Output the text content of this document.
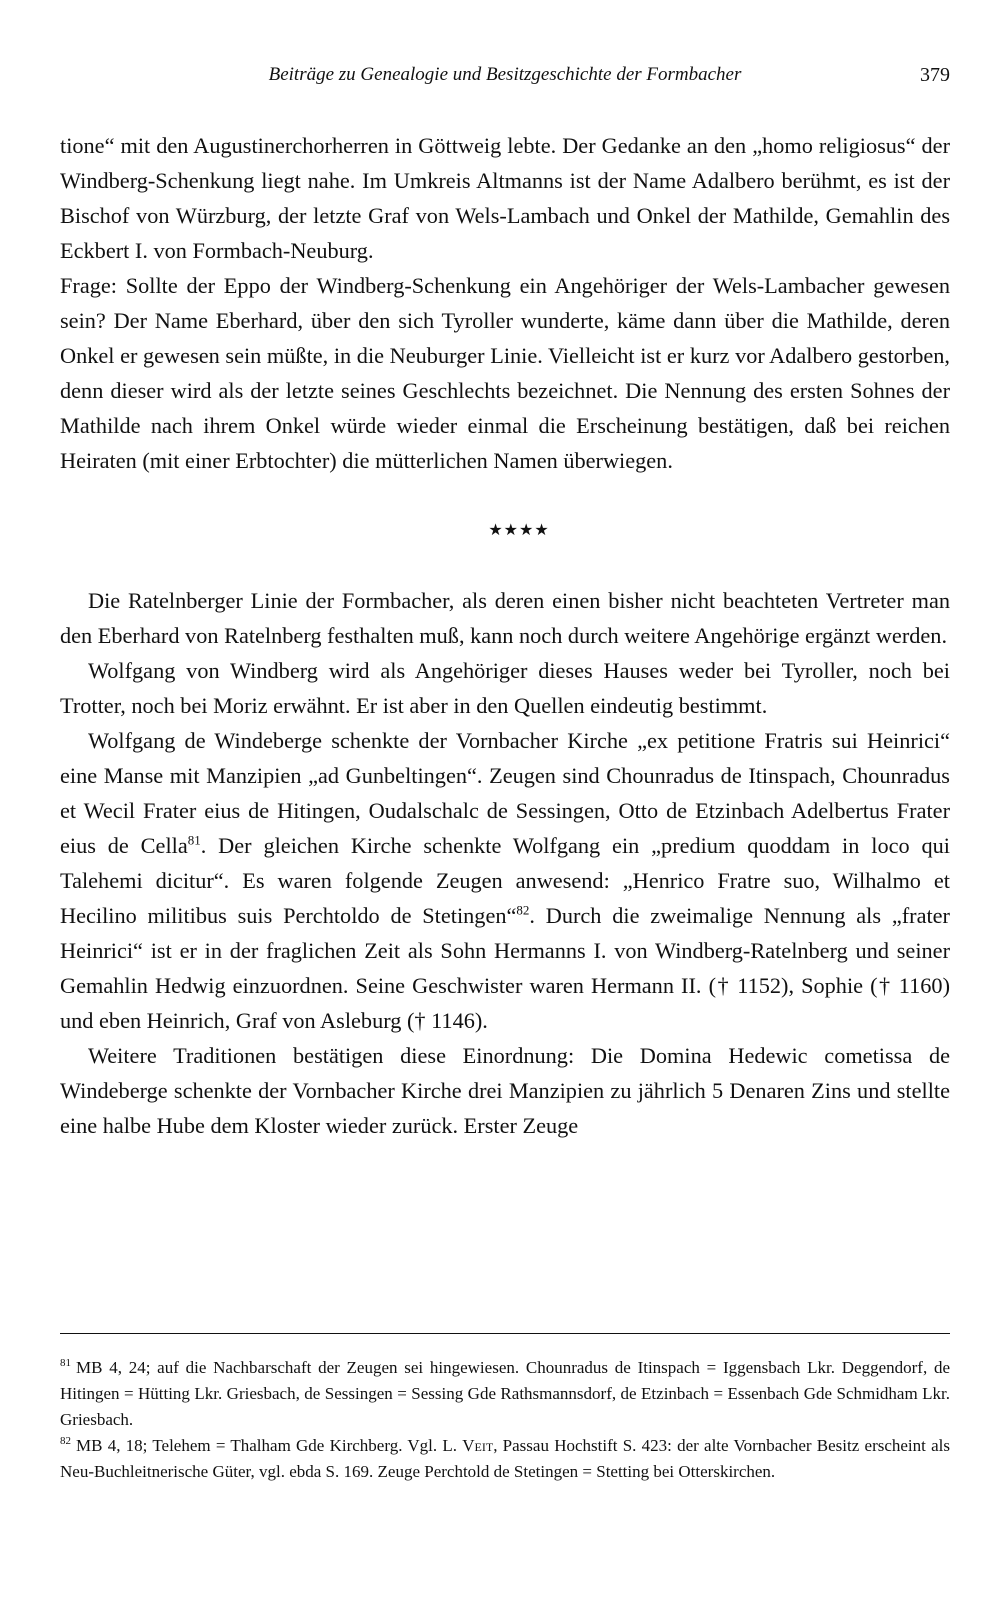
Beiträge zu Genealogie und Besitzgeschichte der Formbacher	379

tione“ mit den Augustinerchorherren in Göttweig lebte. Der Gedanke an den „homo religiosus“ der Windberg-Schenkung liegt nahe. Im Umkreis Altmanns ist der Name Adalbero berühmt, es ist der Bischof von Würzburg, der letzte Graf von Wels-Lambach und Onkel der Mathilde, Gemahlin des Eckbert I. von Formbach-Neuburg.

Frage: Sollte der Eppo der Windberg-Schenkung ein Angehöriger der Wels-Lambacher gewesen sein? Der Name Eberhard, über den sich Tyroller wunderte, käme dann über die Mathilde, deren Onkel er gewesen sein müßte, in die Neuburger Linie. Vielleicht ist er kurz vor Adalbero gestorben, denn dieser wird als der letzte seines Geschlechts bezeichnet. Die Nennung des ersten Sohnes der Mathilde nach ihrem Onkel würde wieder einmal die Erscheinung bestätigen, daß bei reichen Heiraten (mit einer Erbtochter) die mütterlichen Namen überwiegen.

★★★★

Die Ratelnberger Linie der Formbacher, als deren einen bisher nicht beachteten Vertreter man den Eberhard von Ratelnberg festhalten muß, kann noch durch weitere Angehörige ergänzt werden.

Wolfgang von Windberg wird als Angehöriger dieses Hauses weder bei Tyroller, noch bei Trotter, noch bei Moriz erwähnt. Er ist aber in den Quellen eindeutig bestimmt.

Wolfgang de Windeberge schenkte der Vornbacher Kirche „ex petitione Fratris sui Heinrici“ eine Manse mit Manzipien „ad Gunbeltingen“. Zeugen sind Chounradus de Itinspach, Chounradus et Wecil Frater eius de Hitingen, Oudalschalc de Sessingen, Otto de Etzinbach Adelbertus Frater eius de Cella$^{81}$. Der gleichen Kirche schenkte Wolfgang ein „predium quoddam in loco qui Talehemi dicitur“. Es waren folgende Zeugen anwesend: „Henrico Fratre suo, Wilhalmo et Hecilino militibus suis Perchtoldo de Stetingen“$^{82}$. Durch die zweimalige Nennung als „frater Heinrici“ ist er in der fraglichen Zeit als Sohn Hermanns I. von Windberg-Ratelnberg und seiner Gemahlin Hedwig einzuordnen. Seine Geschwister waren Hermann II. († 1152), Sophie († 1160) und eben Heinrich, Graf von Asleburg († 1146).

Weitere Traditionen bestätigen diese Einordnung: Die Domina Hedewic cometissa de Windeberge schenkte der Vornbacher Kirche drei Manzipien zu jährlich 5 Denaren Zins und stellte eine halbe Hube dem Kloster wieder zurück. Erster Zeuge

$^{81}$ MB 4, 24; auf die Nachbarschaft der Zeugen sei hingewiesen. Chounradus de Itinspach = Iggensbach Lkr. Deggendorf, de Hitingen = Hütting Lkr. Griesbach, de Sessingen = Sessing Gde Rathsmannsdorf, de Etzinbach = Essenbach Gde Schmidham Lkr. Griesbach.

$^{82}$ MB 4, 18; Telehem = Thalham Gde Kirchberg. Vgl. L. Veit, Passau Hochstift S. 423: der alte Vornbacher Besitz erscheint als Neu-Buchleitnerische Güter, vgl. ebda S. 169. Zeuge Perchtold de Stetingen = Stetting bei Otterskirchen.
